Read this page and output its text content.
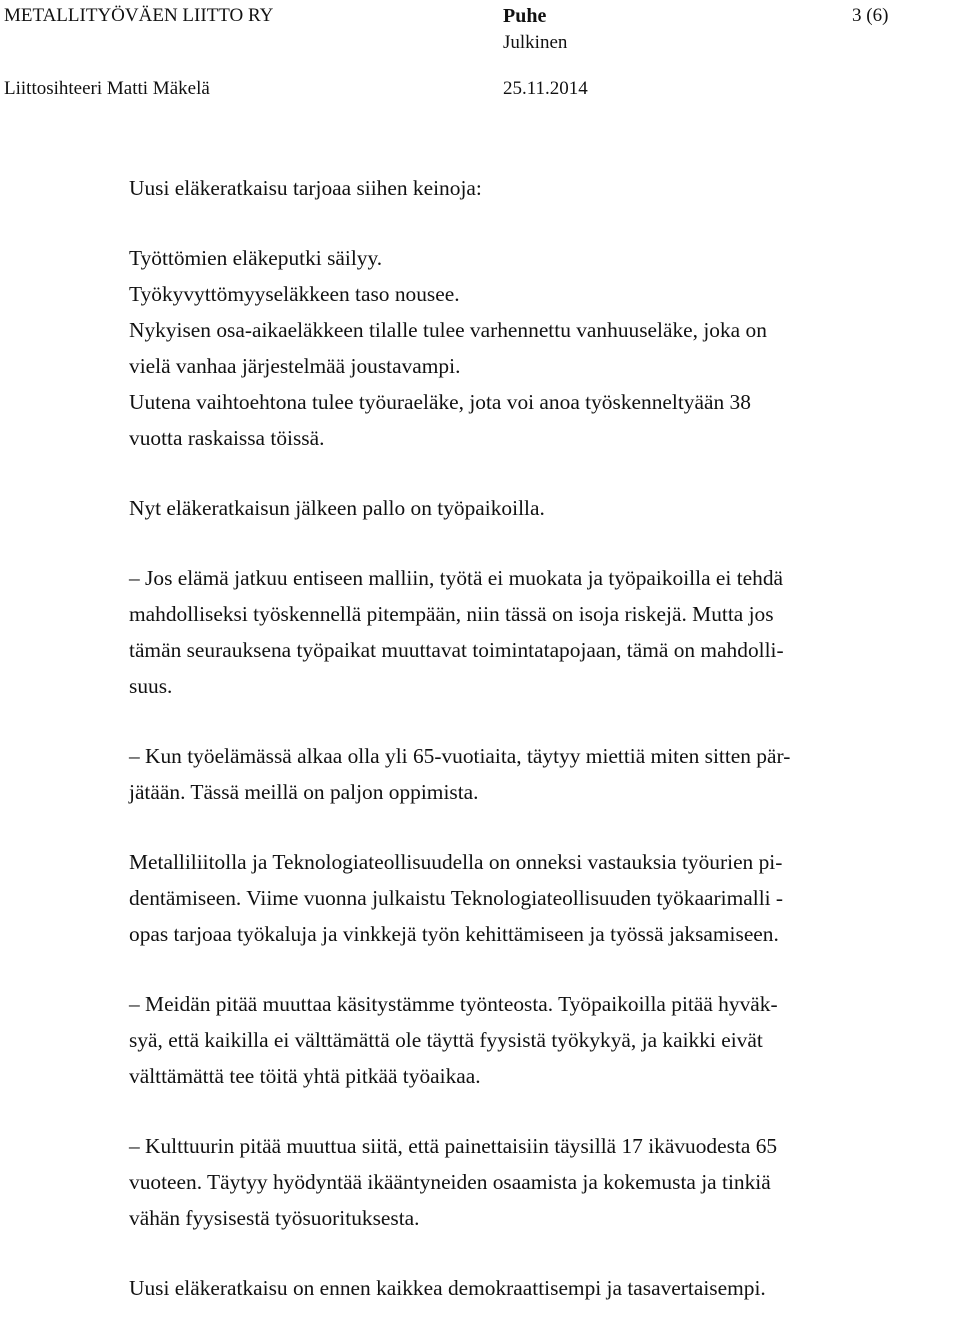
METALLITYÖVÄEN LIITTO RY	Puhe	3 (6)
Julkinen
Liittosihteeri Matti Mäkelä	25.11.2014
Uusi eläkeratkaisu tarjoaa siihen keinoja:
Työttömien eläkeputki säilyy.
Työkyvyttömyyseläkkeen taso nousee.
Nykyisen osa-aikaeläkkeen tilalle tulee varhennettu vanhuuseläke, joka on
vielä vanhaa järjestelmää joustavampi.
Uutena vaihtoehtona tulee työuraeläke, jota voi anoa työskenneltyään 38
vuotta raskaissa töissä.
Nyt eläkeratkaisun jälkeen pallo on työpaikoilla.
– Jos elämä jatkuu entiseen malliin, työtä ei muokata ja työpaikoilla ei tehdä
mahdolliseksi työskennellä pitempään, niin tässä on isoja riskejä. Mutta jos
tämän seurauksena työpaikat muuttavat toimintatapojaan, tämä on mahdolli-
suus.
– Kun työelämässä alkaa olla yli 65-vuotiaita, täytyy miettiä miten sitten pär-
jätään. Tässä meillä on paljon oppimista.
Metalliliitolla ja Teknologiateollisuudella on onneksi vastauksia työurien pi-
dentämiseen. Viime vuonna julkaistu Teknologiateollisuuden työkaarimalli -
opas tarjoaa työkaluja ja vinkkejä työn kehittämiseen ja työssä jaksamiseen.
– Meidän pitää muuttaa käsitystämme työnteosta. Työpaikoilla pitää hyväk-
syä, että kaikilla ei välttämättä ole täyttä fyysistä työkykyä, ja kaikki eivät
välttämättä tee töitä yhtä pitkää työaikaa.
– Kulttuurin pitää muuttua siitä, että painettaisiin täysillä 17 ikävuodesta 65
vuoteen. Täytyy hyödyntää ikääntyneiden osaamista ja kokemusta ja tinkiä
vähän fyysisestä työsuorituksesta.
Uusi eläkeratkaisu on ennen kaikkea demokraattisempi ja tasavertaisempi.
